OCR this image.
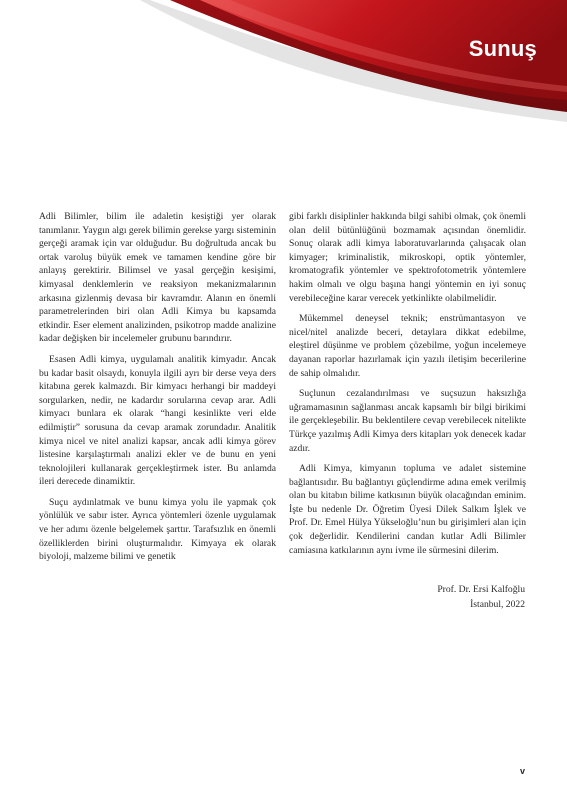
Sunuş

Adli Bilimler, bilim ile adaletin kesiştiği yer olarak tanımlanır. Yaygın algı gerek bilimin gerekse yargı sisteminin gerçeği aramak için var olduğudur. Bu doğrultuda ancak bu ortak varoluş büyük emek ve tamamen kendine göre bir anlayış gerektirir. Bilimsel ve yasal gerçeğin kesişimi, kimyasal denklemlerin ve reaksiyon mekanizmalarının arkasına gizlenmiş devasa bir kavramdır. Alanın en önemli parametrelerinden biri olan Adli Kimya bu kapsamda etkindir. Eser element analizinden, psikotrop madde analizine kadar değişken bir incelemeler grubunu barındırır.

Esasen Adli kimya, uygulamalı analitik kimyadır. Ancak bu kadar basit olsaydı, konuyla ilgili ayrı bir derse veya ders kitabına gerek kalmazdı. Bir kimyacı herhangi bir maddeyi sorgularken, nedir, ne kadardır sorularına cevap arar. Adli kimyacı bunlara ek olarak “hangi kesinlikte veri elde edilmiştir” sorusuna da cevap aramak zorundadır. Analitik kimya nicel ve nitel analizi kapsar, ancak adli kimya görev listesine karşılaştırmalı analizi ekler ve de bunu en yeni teknolojileri kullanarak gerçekleştirmek ister. Bu anlamda ileri derecede dinamiktir.

Suçu aydınlatmak ve bunu kimya yolu ile yapmak çok yönlülük ve sabır ister. Ayrıca yöntemleri özenle uygulamak ve her adımı özenle belgelemek şarttır. Tarafsızlık en önemli özelliklerden birini oluşturmalıdır. Kimyaya ek olarak biyoloji, malzeme bilimi ve genetik

gibi farklı disiplinler hakkında bilgi sahibi olmak, çok önemli olan delil bütünlüğünü bozmamak açısından önemlidir. Sonuç olarak adli kimya laboratuvarlarında çalışacak olan kimyager; kriminalistik, mikroskopi, optik yöntemler, kromatografik yöntemler ve spektrofotometrik yöntemlere hakim olmalı ve olgu başına hangi yöntemin en iyi sonuç verebileceğine karar verecek yetkinlikte olabilmelidir.

Mükemmel deneysel teknik; enstrümantasyon ve nicel/nitel analizde beceri, detaylara dikkat edebilme, eleştirel düşünme ve problem çözebilme, yoğun incelemeye dayanan raporlar hazırlamak için yazılı iletişim becerilerine de sahip olmalıdır.

Suçlunun cezalandırılması ve suçsuzun haksızlığa uğramamasının sağlanması ancak kapsamlı bir bilgi birikimi ile gerçekleşebilir. Bu beklentilere cevap verebilecek nitelikte Türkçe yazılmış Adli Kimya ders kitapları yok denecek kadar azdır.

Adli Kimya, kimyanın topluma ve adalet sistemine bağlantısıdır. Bu bağlantıyı güçlendirme adına emek verilmiş olan bu kitabın bilime katkısının büyük olacağından eminim. İşte bu nedenle Dr. Öğretim Üyesi Dilek Salkım İşlek ve Prof. Dr. Emel Hülya Yükseloğlu’nun bu girişimleri alan için çok değerlidir. Kendilerini candan kutlar Adli Bilimler camiasına katkılarının aynı ivme ile sürmesini dilerim.

Prof. Dr. Ersi Kalfoğlu
İstanbul, 2022
v
